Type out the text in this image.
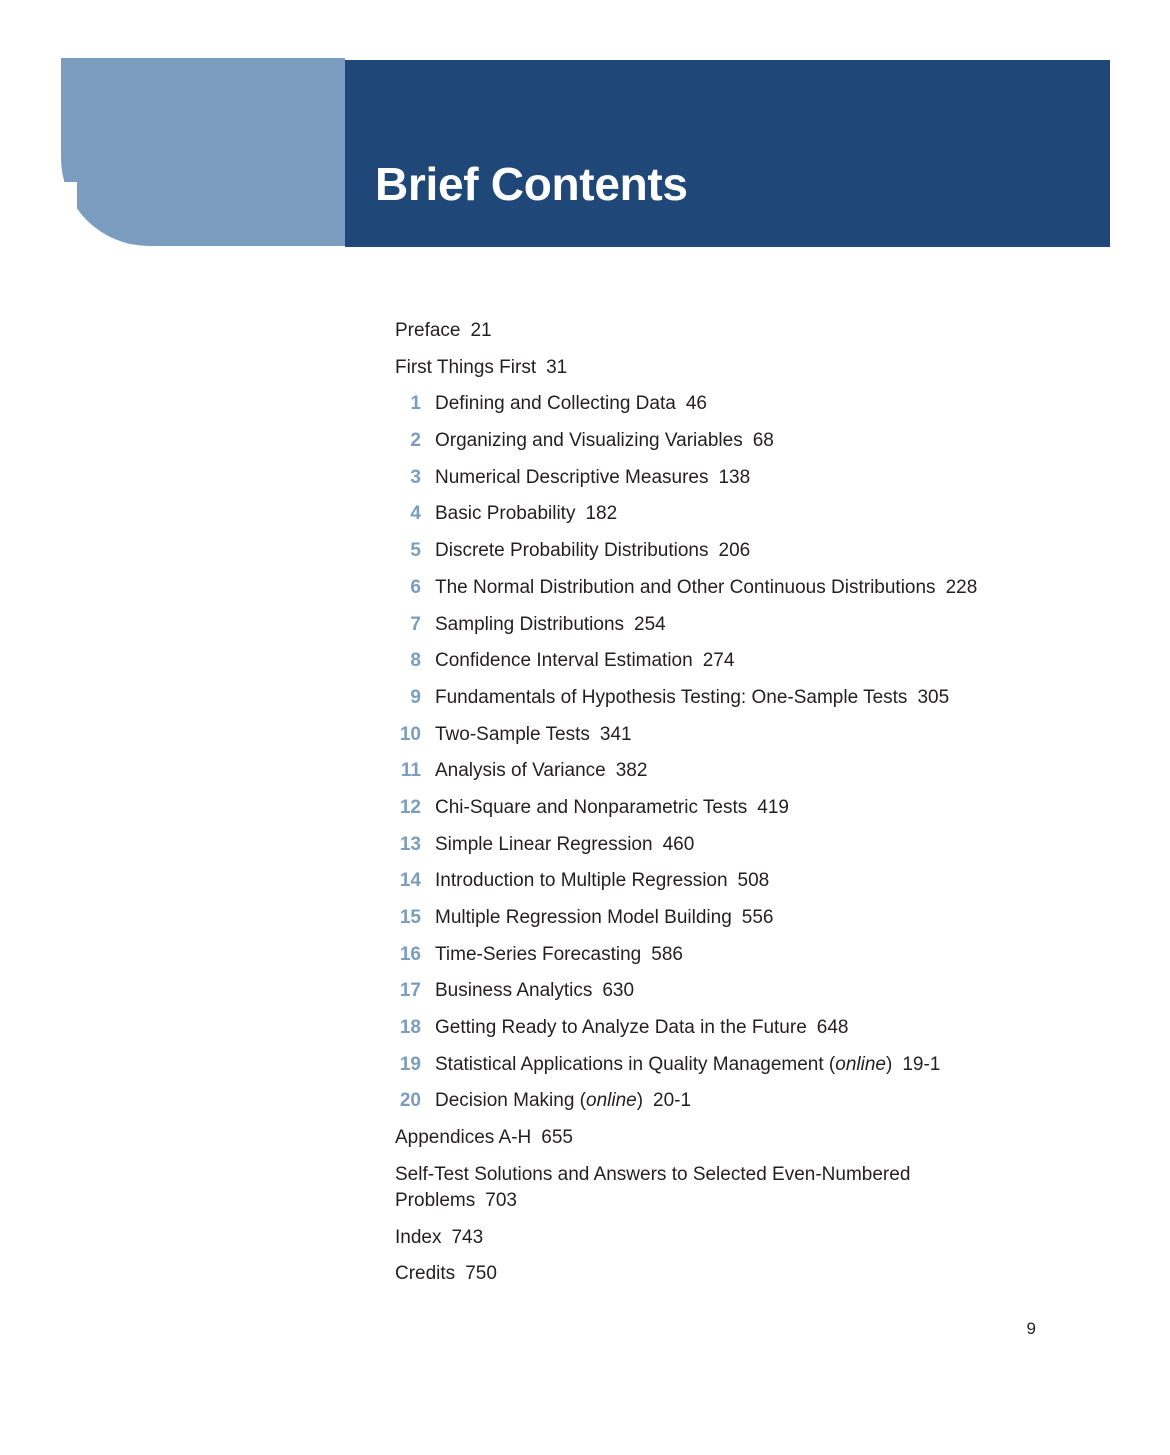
Brief Contents
Preface 21
First Things First 31
1 Defining and Collecting Data 46
2 Organizing and Visualizing Variables 68
3 Numerical Descriptive Measures 138
4 Basic Probability 182
5 Discrete Probability Distributions 206
6 The Normal Distribution and Other Continuous Distributions 228
7 Sampling Distributions 254
8 Confidence Interval Estimation 274
9 Fundamentals of Hypothesis Testing: One-Sample Tests 305
10 Two-Sample Tests 341
11 Analysis of Variance 382
12 Chi-Square and Nonparametric Tests 419
13 Simple Linear Regression 460
14 Introduction to Multiple Regression 508
15 Multiple Regression Model Building 556
16 Time-Series Forecasting 586
17 Business Analytics 630
18 Getting Ready to Analyze Data in the Future 648
19 Statistical Applications in Quality Management (online) 19-1
20 Decision Making (online) 20-1
Appendices A-H 655
Self-Test Solutions and Answers to Selected Even-Numbered Problems 703
Index 743
Credits 750
9
